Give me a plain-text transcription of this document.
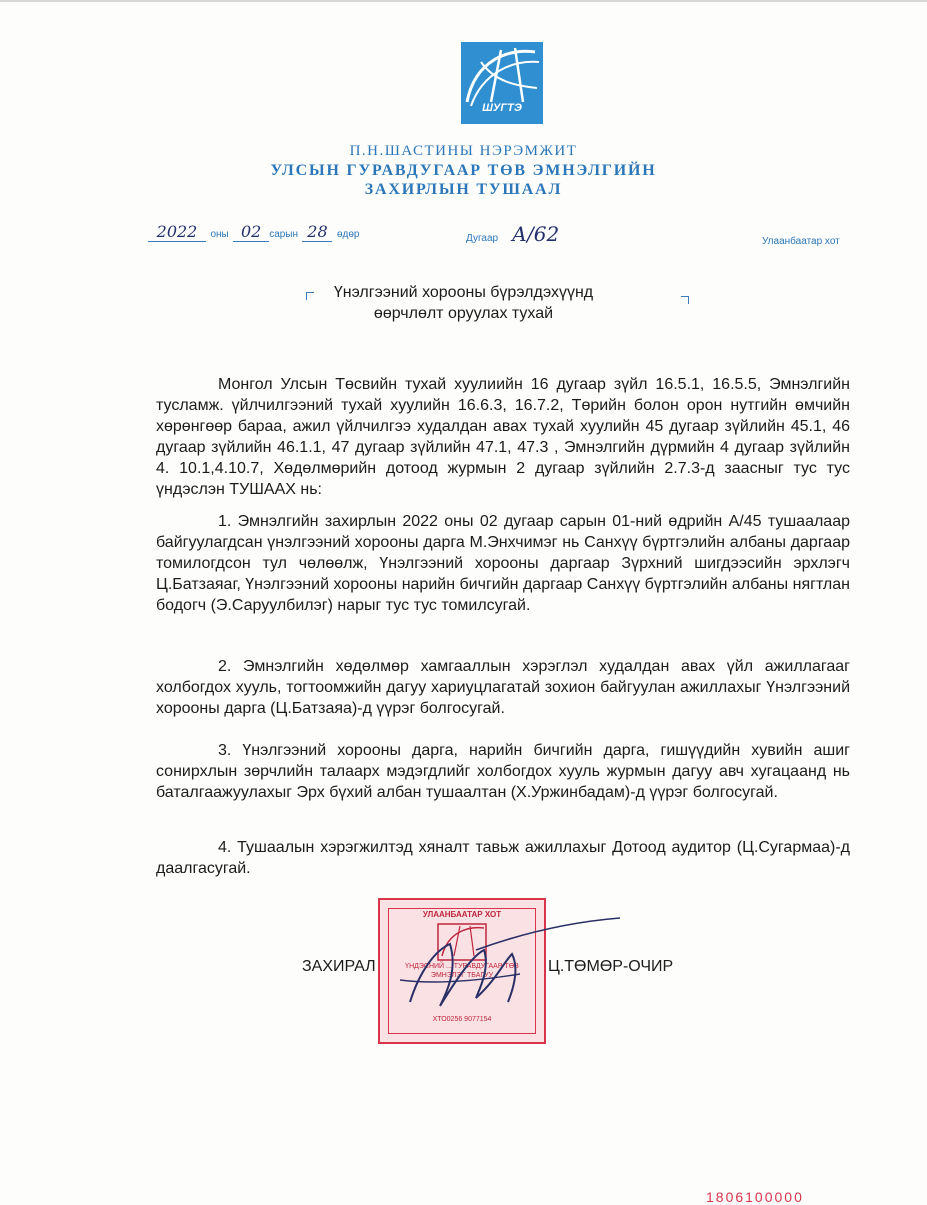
ШУГТЭ
П.Н.ШАСТИНЫ НЭРЭМЖИТ
УЛСЫН ГУРАВДУГААР ТӨВ ЭМНЭЛГИЙН
ЗАХИРЛЫН ТУШААЛ
2022 оны 02 сарын 28 өдөр	Дугаар А/62	Улаанбаатар хот
Үнэлгээний хорооны бүрэлдэхүүнд
өөрчлөлт оруулах тухай

Монгол Улсын Төсвийн тухай хуулиийн 16 дугаар зүйл 16.5.1, 16.5.5, Эмнэлгийн тусламж. үйлчилгээний тухай хуулийн 16.6.3, 16.7.2, Төрийн болон орон нутгийн өмчийн хөрөнгөөр бараа, ажил үйлчилгээ худалдан авах тухай хуулийн 45 дугаар зүйлийн 45.1, 46 дугаар зүйлийн 46.1.1, 47 дугаар зүйлийн 47.1, 47.3 , Эмнэлгийн дүрмийн 4 дугаар зүйлийн 4. 10.1,4.10.7, Хөдөлмөрийн дотоод журмын 2 дугаар зүйлийн 2.7.3-д заасныг тус тус үндэслэн ТУШААХ нь:

1. Эмнэлгийн захирлын 2022 оны 02 дугаар сарын 01-ний өдрийн А/45 тушаалаар байгуулагдсан үнэлгээний хорооны дарга М.Энхчимэг нь Санхүү бүртгэлийн албаны даргаар томилогдсон тул чөлөөлж, Үнэлгээний хорооны даргаар Зүрхний шигдээсийн эрхлэгч Ц.Батзаяаг, Үнэлгээний хорооны нарийн бичгийн даргаар Санхүү бүртгэлийн албаны нягтлан бодогч (Э.Саруулбилэг) нарыг тус тус томилсугай.

2. Эмнэлгийн хөдөлмөр хамгааллын хэрэглэл худалдан авах үйл ажиллагааг холбогдох хууль, тогтоомжийн дагуу хариуцлагатай зохион байгуулан ажиллахыг Үнэлгээний хорооны дарга (Ц.Батзаяа)-д үүрэг болгосугай.

3. Үнэлгээний хорооны дарга, нарийн бичгийн дарга, гишүүдийн хувийн ашиг сонирхлын зөрчлийн талаарх мэдэгдлийг холбогдох хууль журмын дагуу авч хугацаанд нь баталгаажуулахыг Эрх бүхий албан тушаалтан (Х.Уржинбадам)-д үүрэг болгосугай.

4. Тушаалын хэрэгжилтэд хяналт тавьж ажиллахыг Дотоод аудитор (Ц.Сугармаа)-д даалгасугай.

УЛААНБААТАР ХОТ
ҮНДЭСНИЙ ... ТУРАВДУГААР ТӨВ ЭМНЭЛЭГ ТБАГУУ
ХТО0256 9077154
ЗАХИРАЛ	Ц.ТӨМӨР-ОЧИР
1806100000
